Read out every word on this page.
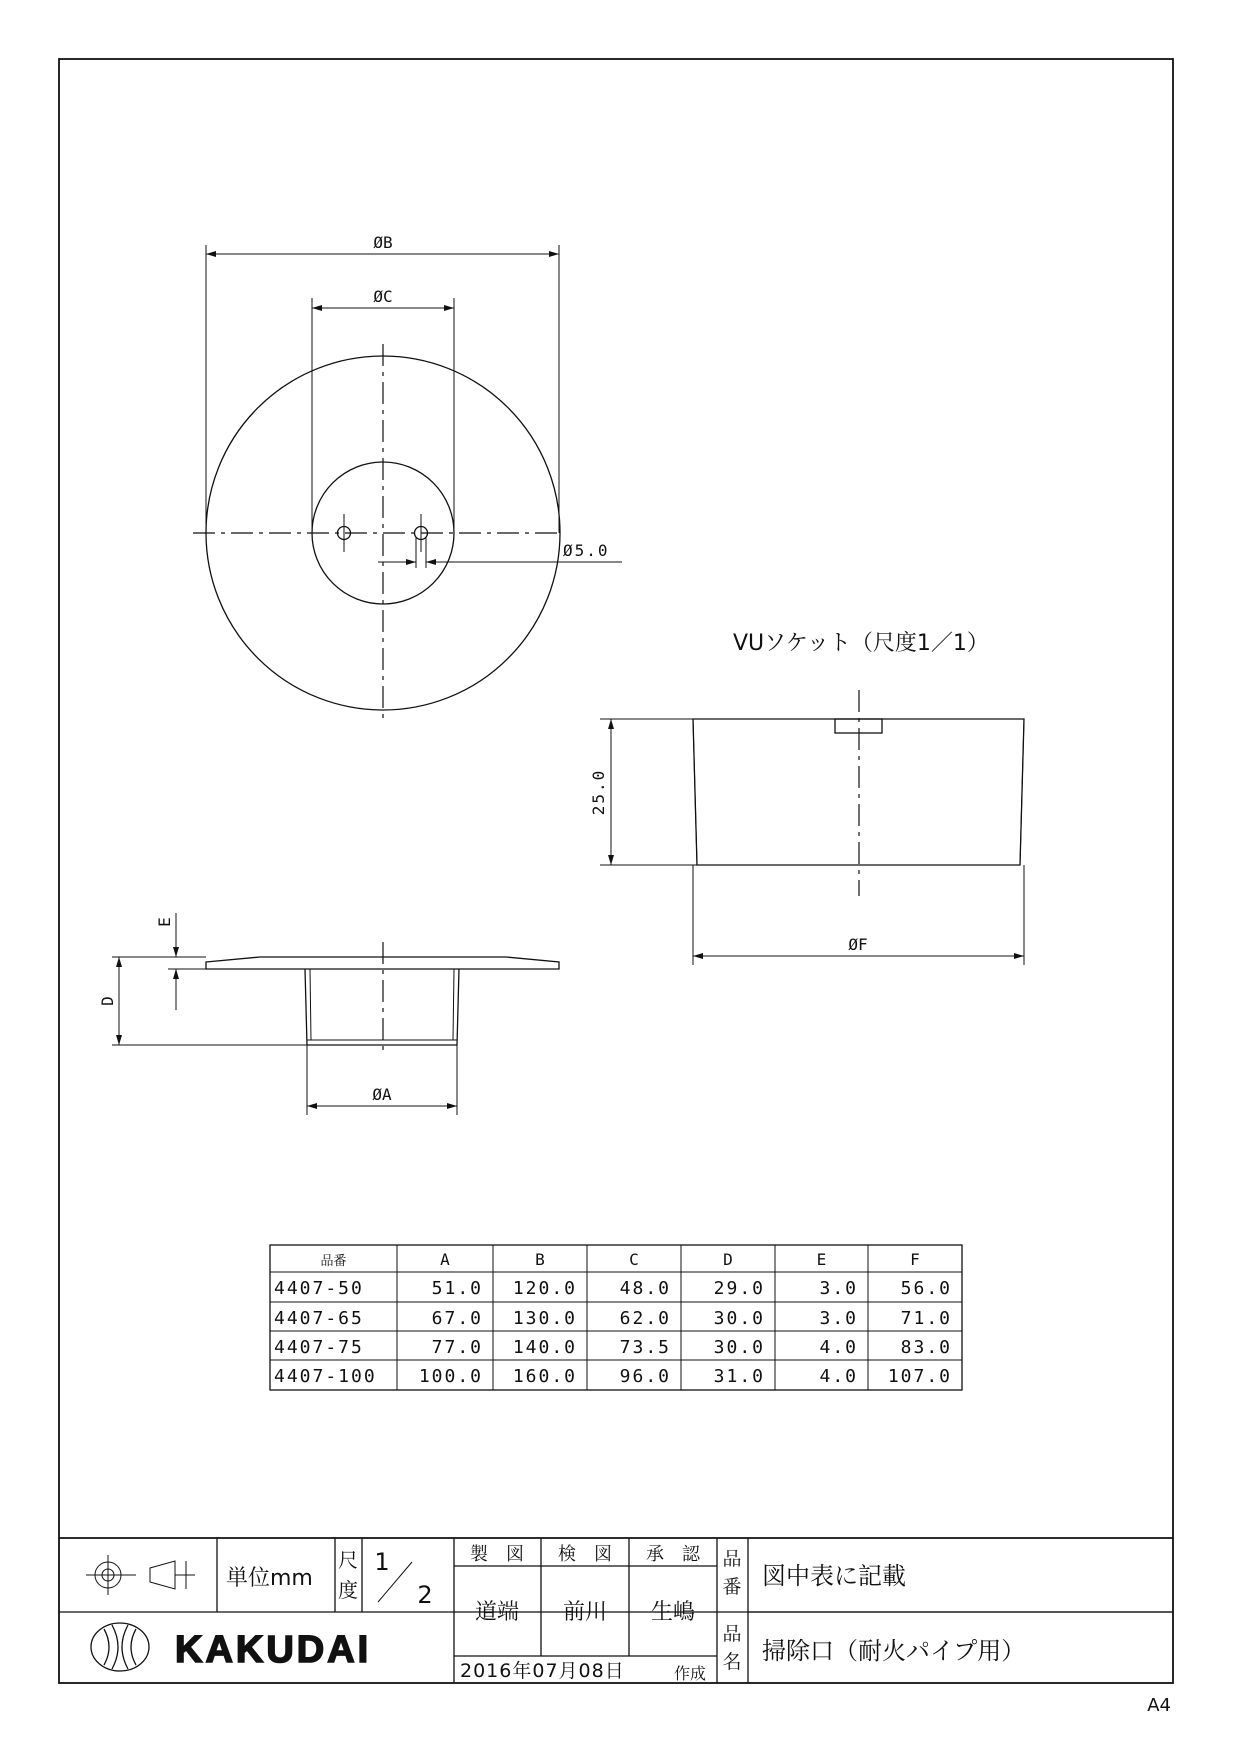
ØB
ØC
Ø5.0
D
E
ØA
VUソケット（尺度1／1）
25.0
ØF
品番	A	B	C	D	E	F
4407-50	51.0 120.0 48.0 29.0	3.0 56.0
4407-65	67.0 130.0 62.0 30.0	3.0 71.0
4407-75	77.0 140.0 73.5 30.0	4.0 83.0
4407-100 100.0 160.0 96.0 31.0	4.0 107.0
単位mm
尺
度
1
2
製　図 検　図 承　認
道端 前川 生嶋
2016年07月08日	作成
品
番
品
名
図中表に記載
掃除口（耐火パイプ用）
KAKUDAI
A4
